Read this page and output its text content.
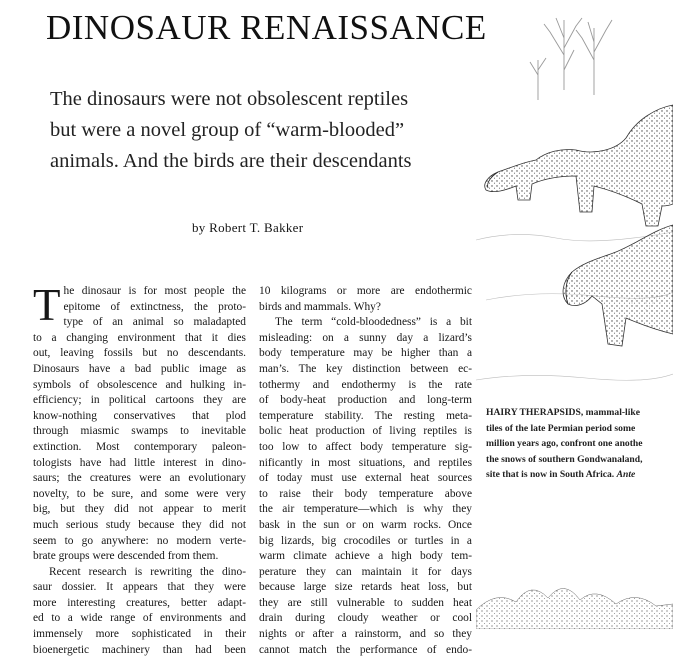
DINOSAUR RENAISSANCE
The dinosaurs were not obsolescent reptiles
but were a novel group of “warm-blooded”
animals. And the birds are their descendants

by Robert T. Bakker

T he dinosaur is for most people the
epitome of extinctness, the proto-
type of an animal so maladapted
to a changing environment that it dies
out, leaving fossils but no descendants.
Dinosaurs have a bad public image as
symbols of obsolescence and hulking in-
efficiency; in political cartoons they are
know-nothing conservatives that plod
through miasmic swamps to inevitable
extinction. Most contemporary paleon-
tologists have had little interest in dino-
saurs; the creatures were an evolutionary
novelty, to be sure, and some were very
big, but they did not appear to merit
much serious study because they did not
seem to go anywhere: no modern verte-
brate groups were descended from them.

Recent research is rewriting the dino-
saur dossier. It appears that they were
more interesting creatures, better adapt-
ed to a wide range of environments and
immensely more sophisticated in their
bioenergetic machinery than had been

10 kilograms or more are endothermic
birds and mammals. Why?

The term “cold-bloodedness” is a bit
misleading: on a sunny day a lizard’s
body temperature may be higher than a
man’s. The key distinction between ec-
tothermy and endothermy is the rate
of body-heat production and long-term
temperature stability. The resting meta-
bolic heat production of living reptiles is
too low to affect body temperature sig-
nificantly in most situations, and reptiles
of today must use external heat sources
to raise their body temperature above
the air temperature—which is why they
bask in the sun or on warm rocks. Once
big lizards, big crocodiles or turtles in a
warm climate achieve a high body tem-
perature they can maintain it for days
because large size retards heat loss, but
they are still vulnerable to sudden heat
drain during cloudy weather or cool
nights or after a rainstorm, and so they
cannot match the performance of endo-

HAIRY THERAPSIDS, mammal-like
tiles of the late Permian period some
million years ago, confront one anothe
the snows of southern Gondwanaland,
site that is now in South Africa. Ante
